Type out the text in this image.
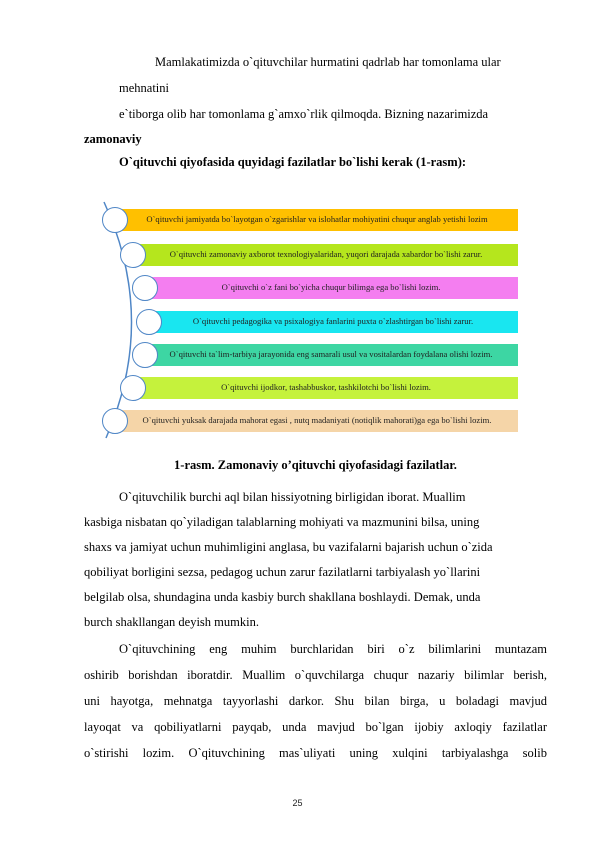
Mamlakatimizda o`qituvchilar hurmatini qadrlab har tomonlama ular
mehnatini
e`tiborga olib har tomonlama g`amxo`rlik qilmoqda. Bizning nazarimizda
zamonaviy
O`qituvchi qiyofasida quyidagi fazilatlar bo`lishi kerak (1-rasm):
O`qituvchi jamiyatda bo`layotgan o`zgarishlar va islohatlar mohiyatini chuqur anglab yetishi lozim
O`qituvchi zamonaviy axborot texnologiyalaridan, yuqori darajada xabardor bo`lishi zarur.
O`qituvchi o`z fani bo`yicha chuqur bilimga ega bo`lishi lozim.
O`qituvchi pedagogika va psixalogiya fanlarini puxta o`zlashtirgan bo`lishi zarur.
O`qituvchi ta`lim-tarbiya jarayonida eng samarali usul va vositalardan foydalana olishi lozim.
O`qituvchi ijodkor, tashabbuskor, tashkilotchi bo`lishi lozim.
O`qituvchi yuksak darajada mahorat egasi , nutq madaniyati (notiqlik mahorati)ga ega bo`lishi lozim.
1-rasm. Zamonaviy o’qituvchi qiyofasidagi fazilatlar.
O`qituvchilik burchi aql bilan hissiyotning birligidan iborat. Muallim
kasbiga nisbatan qo`yiladigan talablarning mohiyati va mazmunini bilsa, uning
shaxs va jamiyat uchun muhimligini anglasa, bu vazifalarni bajarish uchun o`zida
qobiliyat borligini sezsa, pedagog uchun zarur fazilatlarni tarbiyalash yo`llarini
belgilab olsa, shundagina unda kasbiy burch shakllana boshlaydi. Demak, unda
burch shakllangan deyish mumkin.
O`qituvchining eng muhim burchlaridan biri o`z bilimlarini muntazam
oshirib borishdan iboratdir. Muallim o`quvchilarga chuqur nazariy bilimlar berish,
uni hayotga, mehnatga tayyorlashi darkor. Shu bilan birga, u boladagi mavjud
layoqat va qobiliyatlarni payqab, unda mavjud bo`lgan ijobiy axloqiy fazilatlar
o`stirishi lozim. O`qituvchining mas`uliyati uning xulqini tarbiyalashga solib
25
